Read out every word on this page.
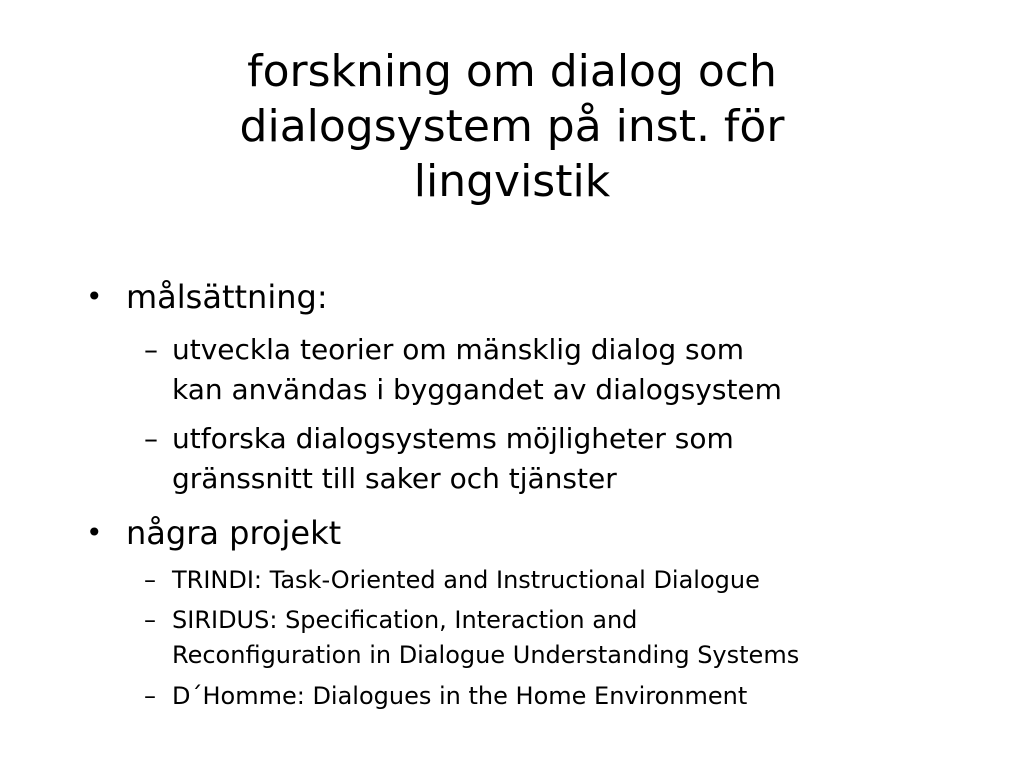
forskning om dialog och
dialogsystem på inst. för
lingvistik
• målsättning:
– utveckla teorier om mänsklig dialog som
kan användas i byggandet av dialogsystem
– utforska dialogsystems möjligheter som
gränssnitt till saker och tjänster
• några projekt
– TRINDI: Task-Oriented and Instructional Dialogue
– SIRIDUS: Specification, Interaction and
Reconfiguration in Dialogue Understanding Systems
– D´Homme: Dialogues in the Home Environment
